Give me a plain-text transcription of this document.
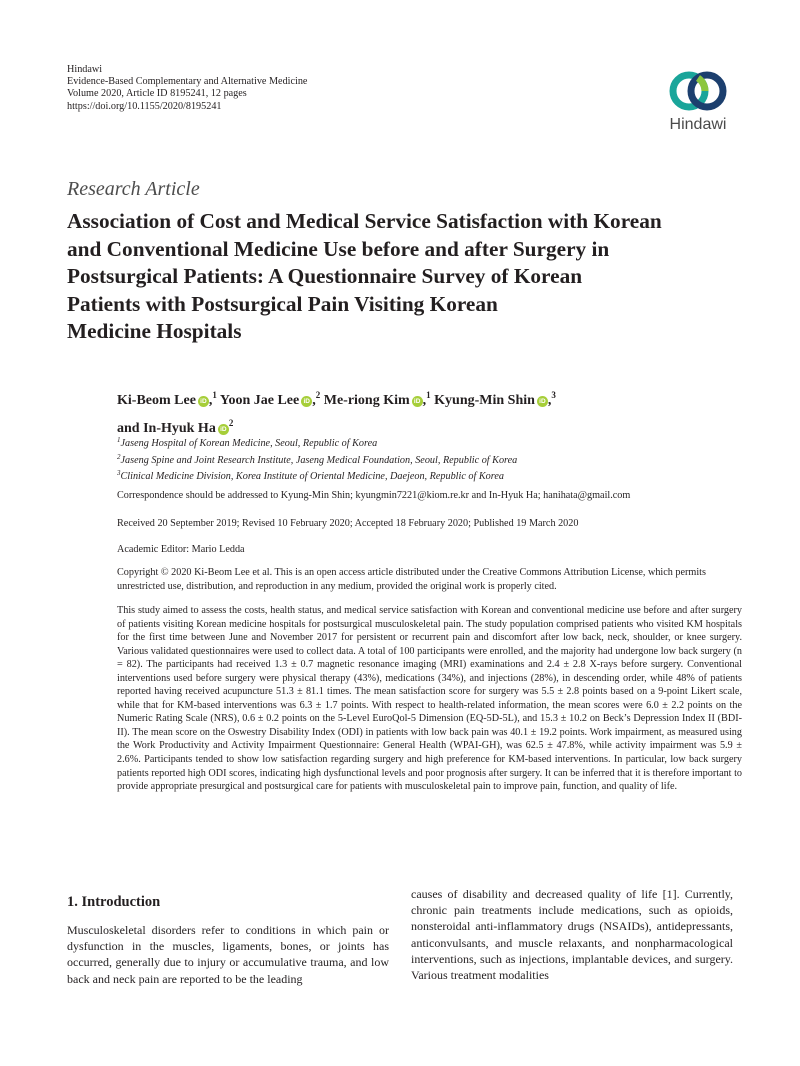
Hindawi
Evidence-Based Complementary and Alternative Medicine
Volume 2020, Article ID 8195241, 12 pages
https://doi.org/10.1155/2020/8195241
Hindawi
Research Article
Association of Cost and Medical Service Satisfaction with Korean
and Conventional Medicine Use before and after Surgery in
Postsurgical Patients: A Questionnaire Survey of Korean
Patients with Postsurgical Pain Visiting Korean
Medicine Hospitals
Ki-Beom Lee iD ,$^1$ Yoon Jae Lee iD ,$^2$ Me-riong Kim iD ,$^1$ Kyung-Min Shin iD ,$^3$
and In-Hyuk Ha $iD^2$
$^1$Jaseng Hospital of Korean Medicine, Seoul, Republic of Korea
$^2$Jaseng Spine and Joint Research Institute, Jaseng Medical Foundation, Seoul, Republic of Korea
$^3$Clinical Medicine Division, Korea Institute of Oriental Medicine, Daejeon, Republic of Korea
Correspondence should be addressed to Kyung-Min Shin; kyungmin7221@kiom.re.kr and In-Hyuk Ha; hanihata@gmail.com
Received 20 September 2019; Revised 10 February 2020; Accepted 18 February 2020; Published 19 March 2020
Academic Editor: Mario Ledda
Copyright © 2020 Ki-Beom Lee et al. This is an open access article distributed under the Creative Commons Attribution License, which permits unrestricted use, distribution, and reproduction in any medium, provided the original work is properly cited.
This study aimed to assess the costs, health status, and medical service satisfaction with Korean and conventional medicine use before and after surgery of patients visiting Korean medicine hospitals for postsurgical musculoskeletal pain. The study population comprised patients who visited KM hospitals for the first time between June and November 2017 for persistent or recurrent pain and discomfort after low back, neck, shoulder, or knee surgery. Various validated questionnaires were used to collect data. A total of 100 participants were enrolled, and the majority had undergone low back surgery (n = 82). The participants had received 1.3 ± 0.7 magnetic resonance imaging (MRI) examinations and 2.4 ± 2.8 X-rays before surgery. Conventional interventions used before surgery were physical therapy (43%), medications (34%), and injections (28%), in descending order, while 48% of patients reported having received acupuncture 51.3 ± 81.1 times. The mean satisfaction score for surgery was 5.5 ± 2.8 points based on a 9-point Likert scale, while that for KM-based interventions was 6.3 ± 1.7 points. With respect to health-related information, the mean scores were 6.0 ± 2.2 points on the Numeric Rating Scale (NRS), 0.6 ± 0.2 points on the 5-Level EuroQol-5 Dimension (EQ-5D-5L), and 15.3 ± 10.2 on Beck’s Depression Index II (BDI-II). The mean score on the Oswestry Disability Index (ODI) in patients with low back pain was 40.1 ± 19.2 points. Work impairment, as measured using the Work Productivity and Activity Impairment Questionnaire: General Health (WPAI-GH), was 62.5 ± 47.8%, while activity impairment was 5.9 ± 2.6%. Participants tended to show low satisfaction regarding surgery and high preference for KM-based interventions. In particular, low back surgery patients reported high ODI scores, indicating high dysfunctional levels and poor prognosis after surgery. It can be inferred that it is therefore important to provide appropriate presurgical and postsurgical care for patients with musculoskeletal pain to improve pain, function, and quality of life.
1. Introduction
Musculoskeletal disorders refer to conditions in which pain or dysfunction in the muscles, ligaments, bones, or joints has occurred, generally due to injury or accumulative trauma, and low back and neck pain are reported to be the leading
causes of disability and decreased quality of life [1]. Currently, chronic pain treatments include medications, such as opioids, nonsteroidal anti-inflammatory drugs (NSAIDs), antidepressants, anticonvulsants, and muscle relaxants, and nonpharmacological interventions, such as injections, implantable devices, and surgery. Various treatment modalities
